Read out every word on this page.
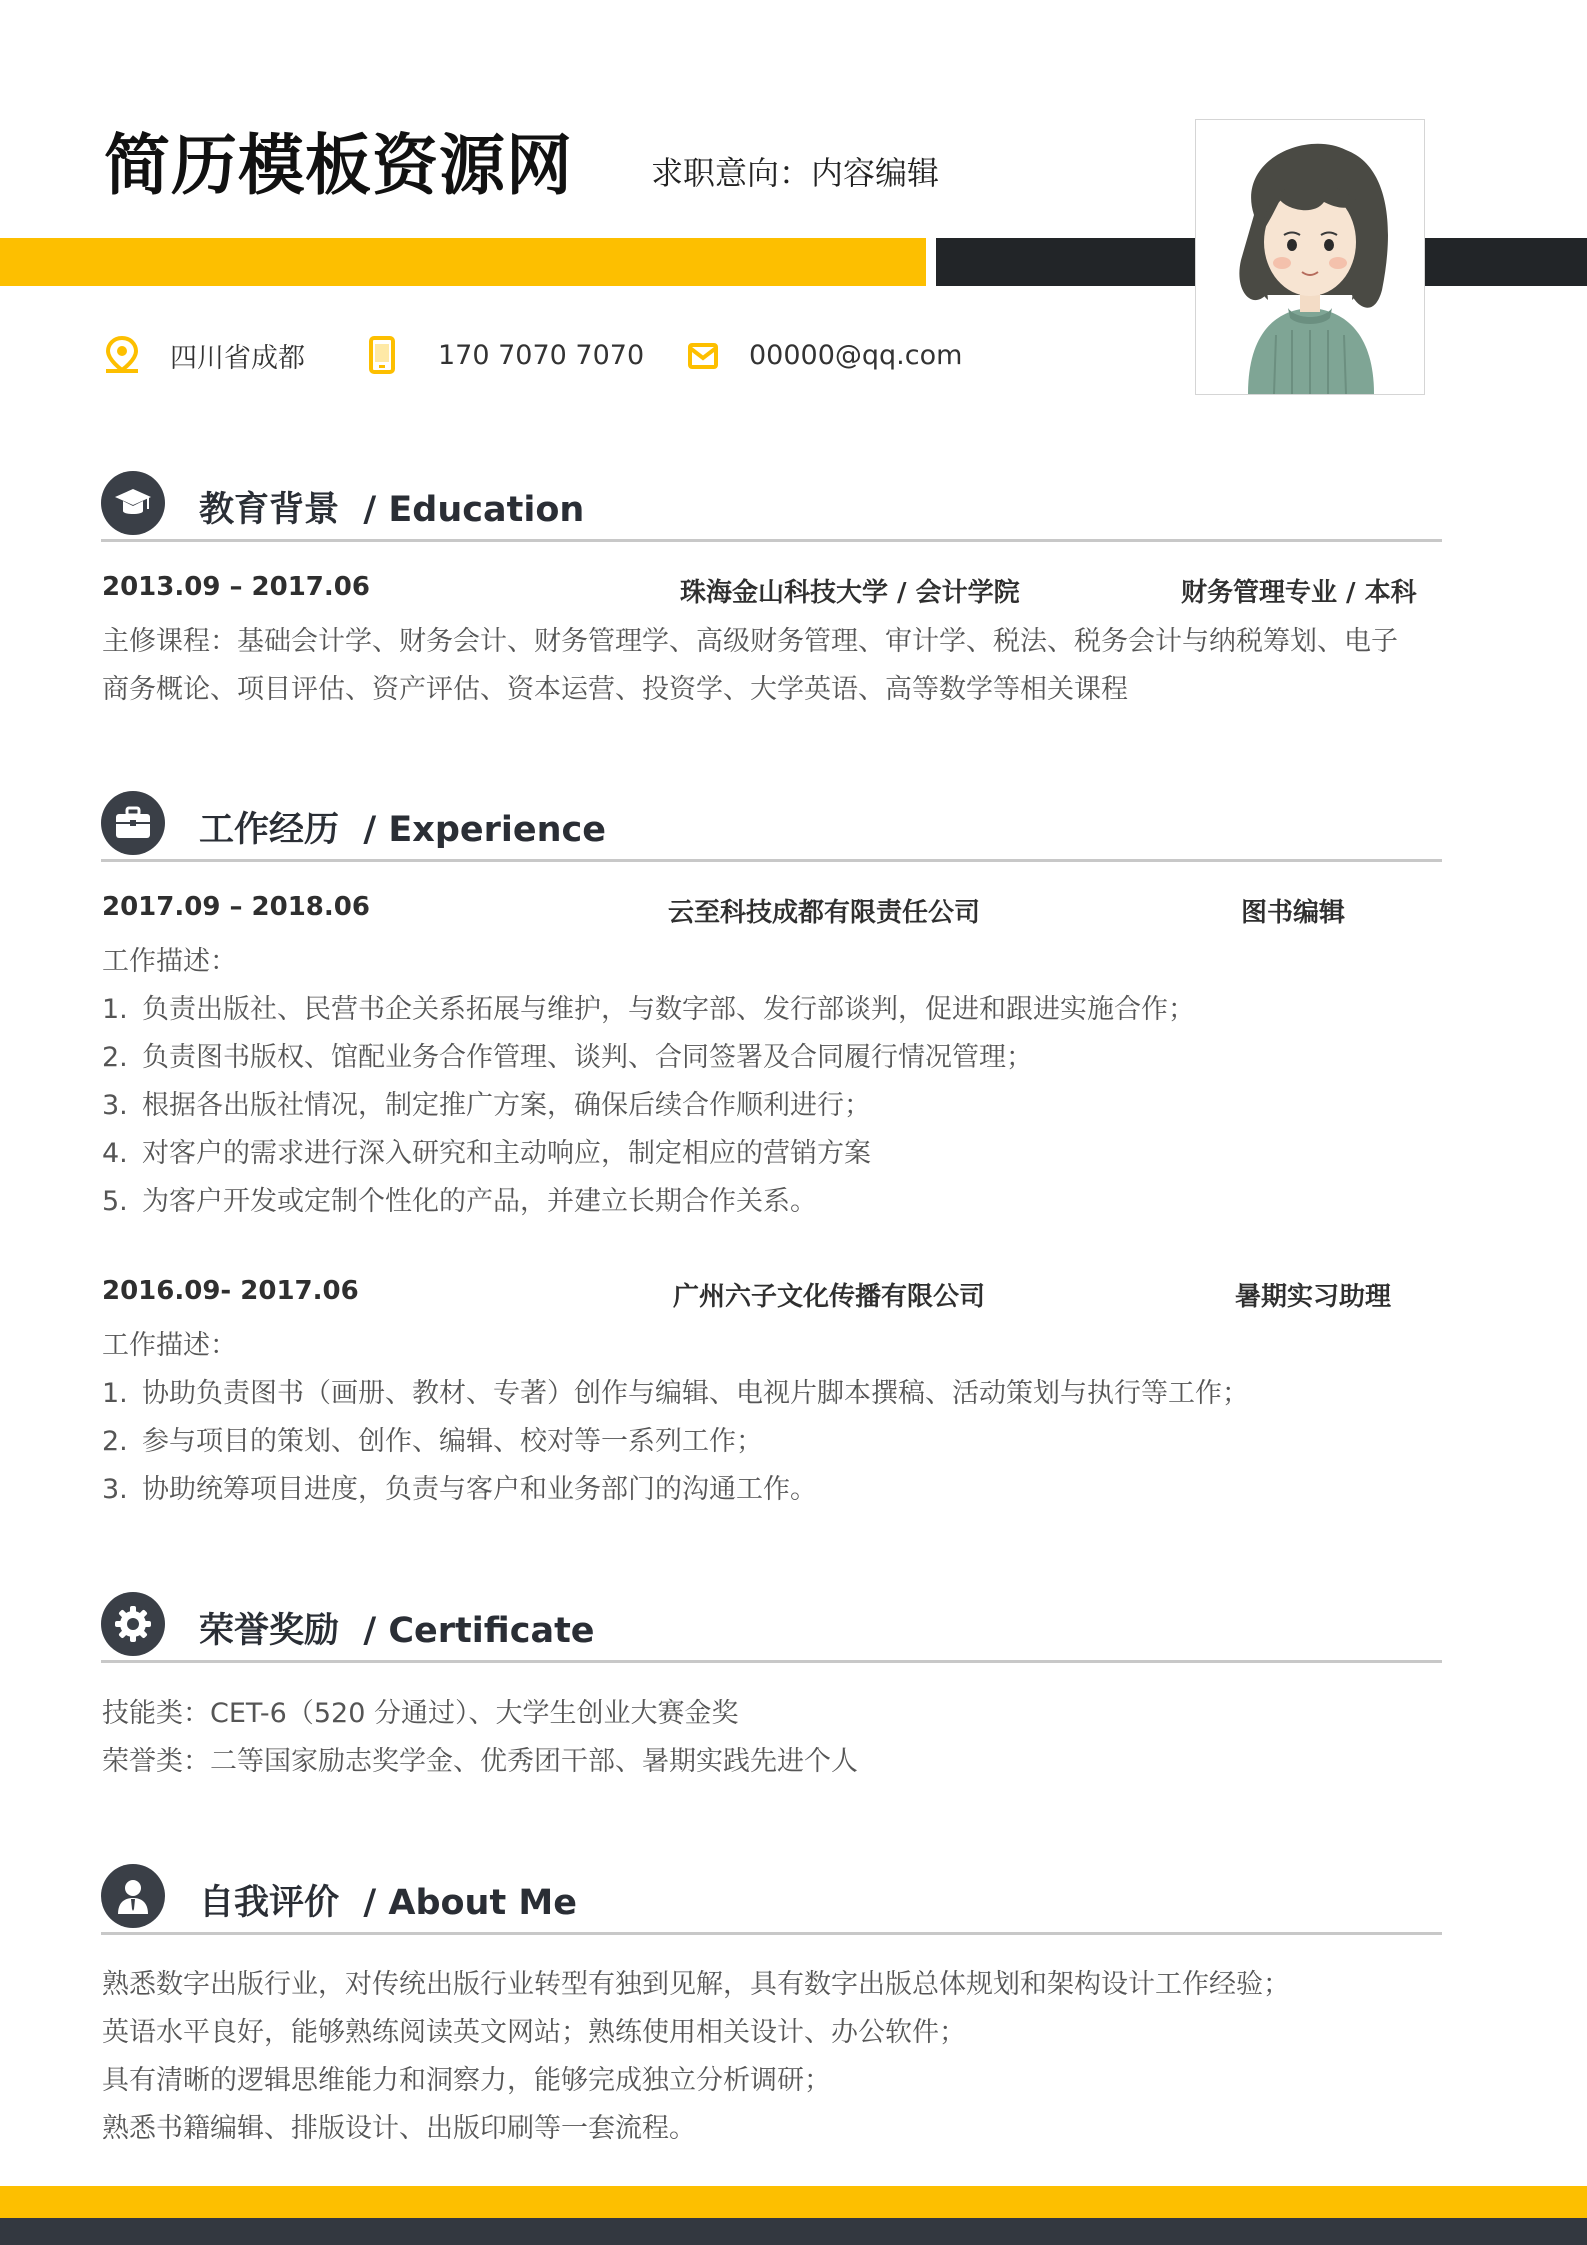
简历模板资源网 求职意向：内容编辑
四川省成都	170 7070 7070	00000@qq.com
教育背景 / Education
2013.09 – 2017.06	珠海金山科技大学 / 会计学院	财务管理专业 / 本科
主修课程：基础会计学、财务会计、财务管理学、高级财务管理、审计学、税法、税务会计与纳税筹划、电子
商务概论、项目评估、资产评估、资本运营、投资学、大学英语、高等数学等相关课程
工作经历 / Experience
2017.09 – 2018.06	云至科技成都有限责任公司	图书编辑
工作描述：
1. 负责出版社、民营书企关系拓展与维护，与数字部、发行部谈判，促进和跟进实施合作；
2. 负责图书版权、馆配业务合作管理、谈判、合同签署及合同履行情况管理；
3. 根据各出版社情况，制定推广方案，确保后续合作顺利进行；
4. 对客户的需求进行深入研究和主动响应，制定相应的营销方案
5. 为客户开发或定制个性化的产品，并建立长期合作关系。
2016.09- 2017.06	广州六子文化传播有限公司	暑期实习助理
工作描述：
1. 协助负责图书（画册、教材、专著）创作与编辑、电视片脚本撰稿、活动策划与执行等工作；
2. 参与项目的策划、创作、编辑、校对等一系列工作；
3. 协助统筹项目进度，负责与客户和业务部门的沟通工作。
荣誉奖励 / Certificate
技能类：CET-6（520 分通过）、大学生创业大赛金奖
荣誉类：二等国家励志奖学金、优秀团干部、暑期实践先进个人
自我评价 / About Me
熟悉数字出版行业，对传统出版行业转型有独到见解，具有数字出版总体规划和架构设计工作经验；
英语水平良好，能够熟练阅读英文网站；熟练使用相关设计、办公软件；
具有清晰的逻辑思维能力和洞察力，能够完成独立分析调研；
熟悉书籍编辑、排版设计、出版印刷等一套流程。
